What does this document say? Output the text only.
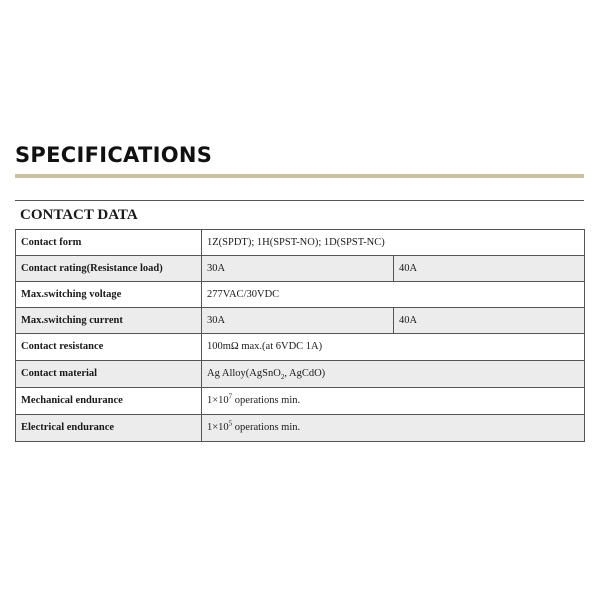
SPECIFICATIONS
CONTACT DATA
Contact form	1Z(SPDT); 1H(SPST-NO); 1D(SPST-NC)	
Contact rating(Resistance load)	30A	40A
Max.switching voltage	277VAC/30VDC	
Max.switching current	30A	40A
Contact resistance	100mΩ max.(at 6VDC 1A)	
Contact material	Ag Alloy(AgSnO$_2$, AgCdO)	
Mechanical endurance	$1\times 10^7$ operations min.	
Electrical endurance	$1\times 10^5$ operations min.	
